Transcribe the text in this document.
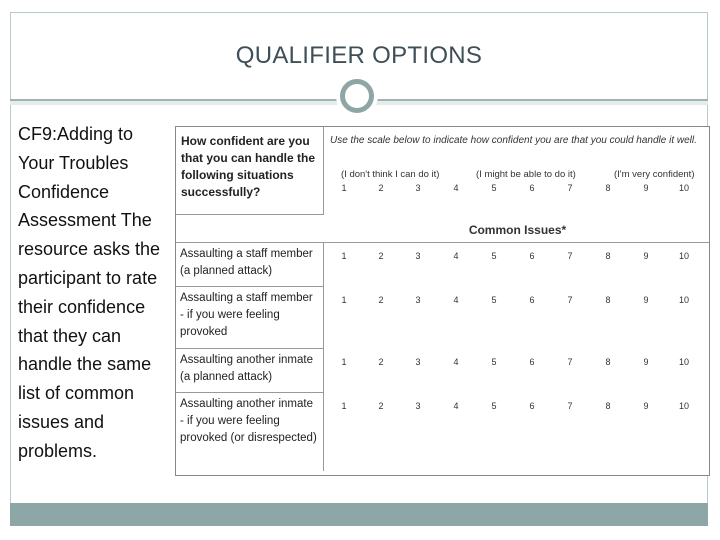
QUALIFIER OPTIONS
CF9:Adding to Your Troubles Confidence Assessment The resource asks the participant to rate their confidence that they can handle the same list of common issues and problems.
How confident are you that you can handle the following situations successfully?
Use the scale below to indicate how confident you are that you could handle it well.
(I don't think I can do it)	(I might be able to do it)	(I'm very confident)
1	2	3	4	5	6	7	8	9	10
Common Issues*
Assaulting a staff member (a planned attack)
1	2	3	4	5	6	7	8	9	10
Assaulting a staff member - if you were feeling provoked
1	2	3	4	5	6	7	8	9	10
Assaulting another inmate (a planned attack)
1	2	3	4	5	6	7	8	9	10
Assaulting another inmate - if you were feeling provoked (or disrespected)
1	2	3	4	5	6	7	8	9	10
